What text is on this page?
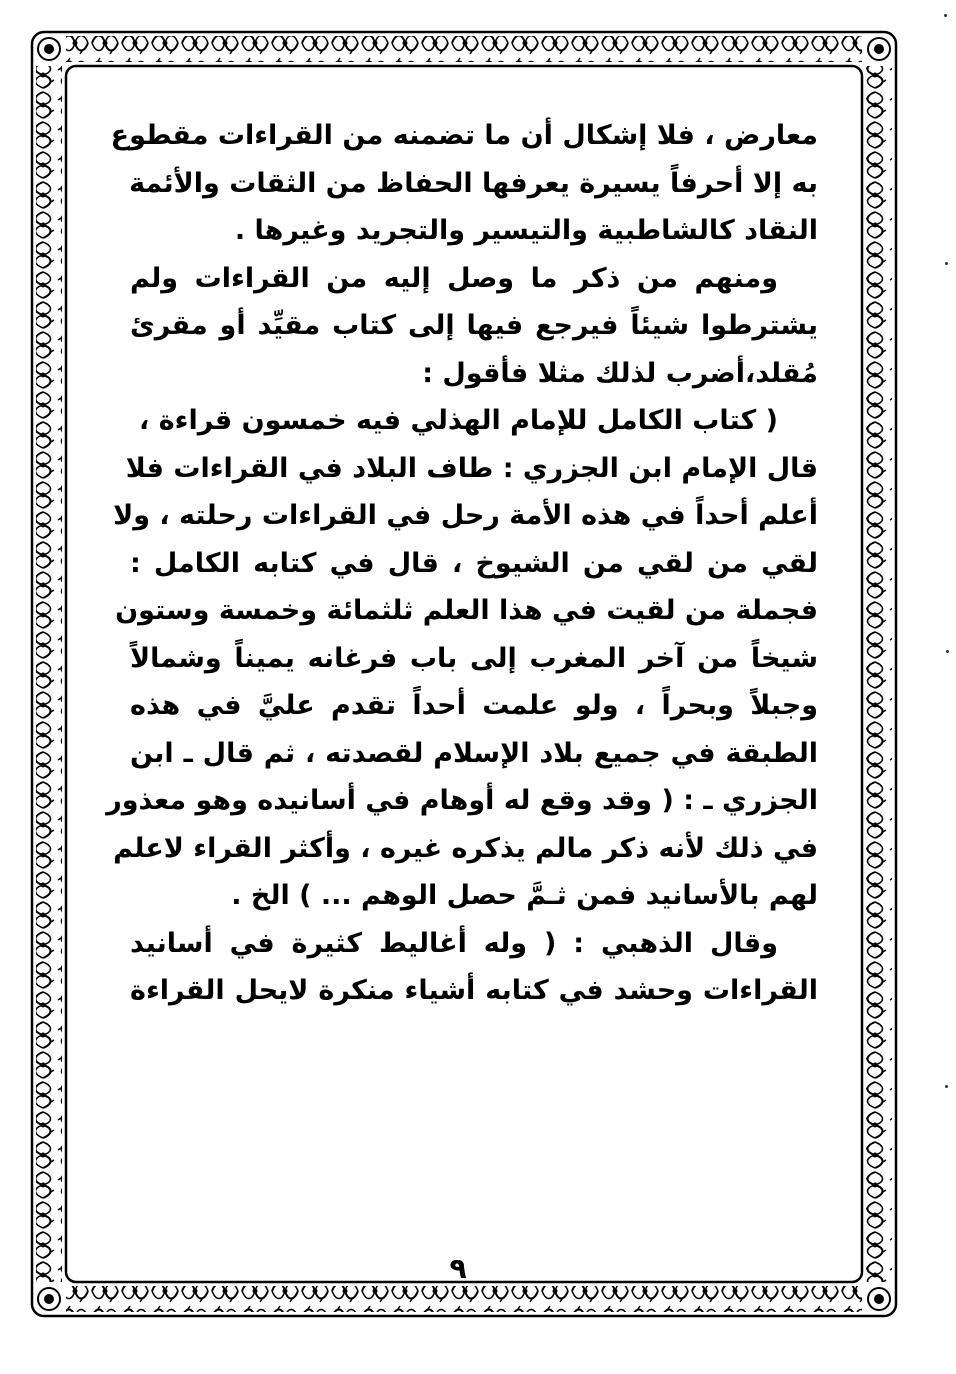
معارض ، فلا إشكال أن ما تضمنه من القراءات مقطوع
به إلا أحرفاً يسيرة يعرفها الحفاظ من الثقات والأئمة
النقاد كالشاطبية والتيسير والتجريد وغيرها .
ومنهم من ذكر ما وصل إليه من القراءات ولم
يشترطوا شيئاً فيرجع فيها إلى كتاب مقيِّد أو مقرئ
مُقلد،أضرب لذلك مثلا فأقول :
( كتاب الكامل للإمام الهذلي فيه خمسون قراءة ،
قال الإمام ابن الجزري : طاف البلاد في القراءات فلا
أعلم أحداً في هذه الأمة رحل في القراءات رحلته ، ولا
لقي من لقي من الشيوخ ، قال في كتابه الكامل :
فجملة من لقيت في هذا العلم ثلثمائة وخمسة وستون
شيخاً من آخر المغرب إلى باب فرغانه يميناً وشمالاً
وجبلاً وبحراً ، ولو علمت أحداً تقدم عليَّ في هذه
الطبقة في جميع بلاد الإسلام لقصدته ، ثم قال ـ ابن
الجزري ـ : ( وقد وقع له أوهام في أسانيده وهو معذور
في ذلك لأنه ذكر مالم يذكره غيره ، وأكثر القراء لاعلم
لهم بالأسانيد فمن ثـمَّ حصل الوهم ... ) الخ .
وقال الذهبي : ( وله أغاليط كثيرة في أسانيد
القراءات وحشد في كتابه أشياء منكرة لايحل القراءة
٩
